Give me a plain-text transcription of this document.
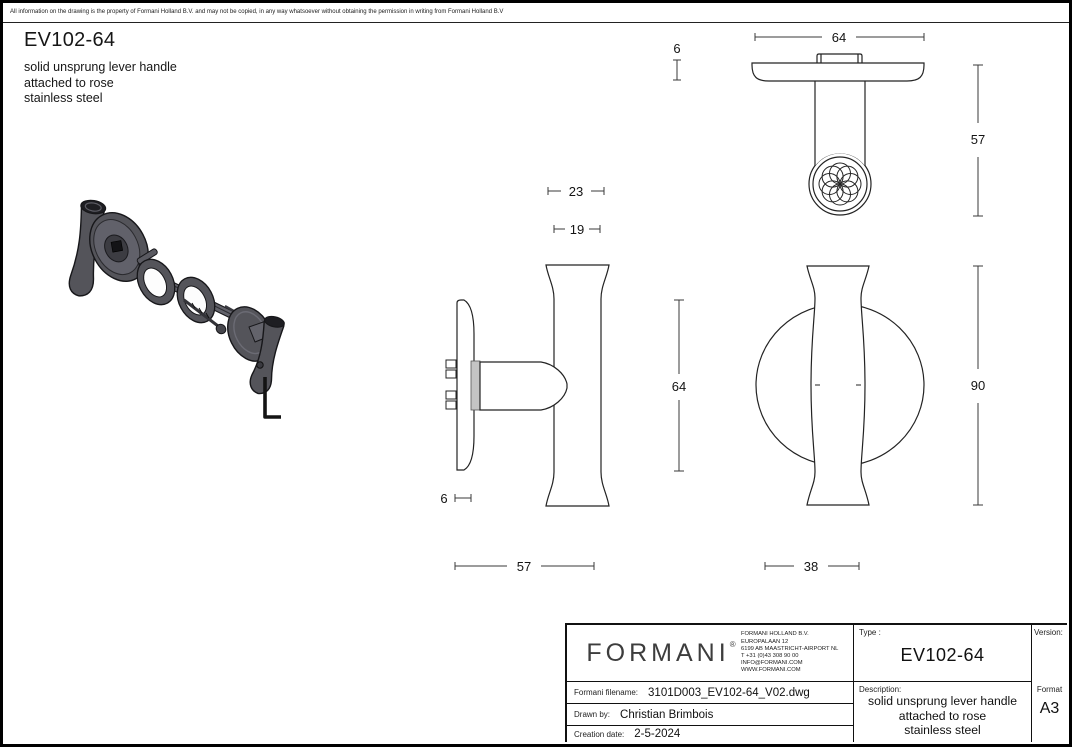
All information on the drawing is the property of Formani Holland B.V. and may not be copied, in any way whatsoever without obtaining the permission in writing from Formani Holland B.V
EV102-64
solid unsprung lever handle
attached to rose
stainless steel
23
19
64
6
57
64
6
57
90
38
FORMANI®
FORMANI HOLLAND B.V.
EUROPALAAN 12
6199 AB MAASTRICHT-AIRPORT NL
T +31 (0)43 308 90 00
INFO@FORMANI.COM
WWW.FORMANI.COM
Formani filename: 3101D003_EV102-64_V02.dwg
Drawn by: Christian Brimbois
Creation date: 2-5-2024
Type :
EV102-64
Version:
Description:
solid unsprung lever handle
attached to rose
stainless steel
Format
A3
